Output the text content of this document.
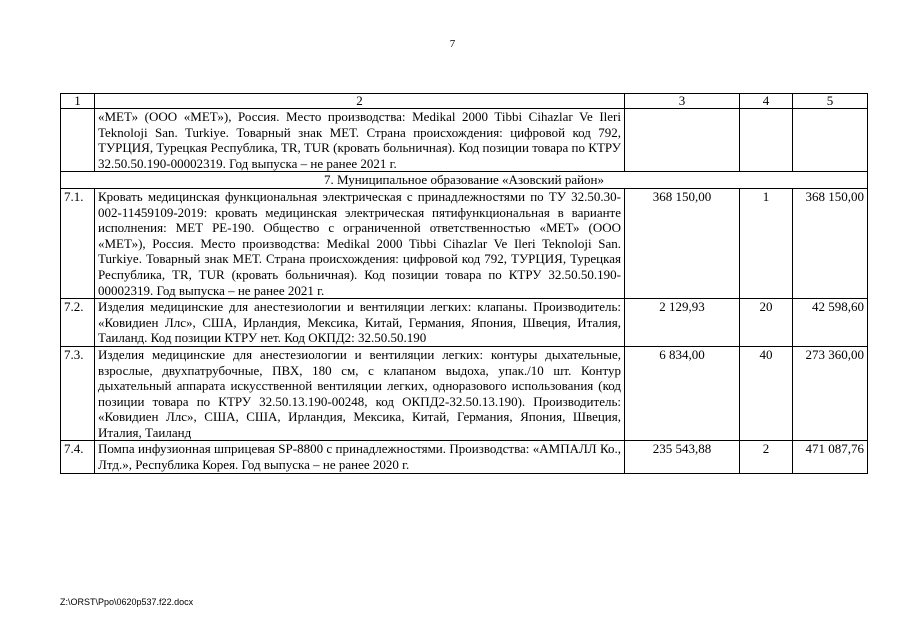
7
1	2	3	4	5
	«МЕТ» (ООО «МЕТ»), Россия. Место производства: Medikal 2000 Tibbi Cihazlar Ve Ileri Teknoloji San. Turkiye. Товарный знак МЕТ. Страна происхождения: цифровой код 792, ТУРЦИЯ, Турецкая Республика, TR, TUR (кровать больничная). Код позиции товара по КТРУ 32.50.50.190-00002319. Год выпуска – не ранее 2021 г.			
7. Муниципальное образование «Азовский район»				
7.1.	Кровать медицинская функциональная электрическая с принадлежностями по ТУ 32.50.30-002-11459109-2019: кровать медицинская электрическая пятифункциональная в варианте исполнения: МЕТ РЕ-190. Общество с ограниченной ответственностью «МЕТ» (ООО «МЕТ»), Россия. Место производства: Medikal 2000 Tibbi Cihazlar Ve Ileri Teknoloji San. Turkiye. Товарный знак МЕТ. Страна происхождения: цифровой код 792, ТУРЦИЯ, Турецкая Республика, TR, TUR (кровать больничная). Код позиции товара по КТРУ 32.50.50.190-00002319. Год выпуска – не ранее 2021 г.	368 150,00	1	368 150,00
7.2.	Изделия медицинские для анестезиологии и вентиляции легких: клапаны. Производитель: «Ковидиен Ллс», США, Ирландия, Мексика, Китай, Германия, Япония, Швеция, Италия, Таиланд. Код позиции КТРУ нет. Код ОКПД2: 32.50.50.190	2 129,93	20	42 598,60
7.3.	Изделия медицинские для анестезиологии и вентиляции легких: контуры дыхательные, взрослые, двухпатрубочные, ПВХ, 180 см, с клапаном выдоха, упак./10 шт. Контур дыхательный аппарата искусственной вентиляции легких, одноразового использования (код позиции товара по КТРУ 32.50.13.190-00248, код ОКПД2-32.50.13.190). Производитель: «Ковидиен Ллс», США, США, Ирландия, Мексика, Китай, Германия, Япония, Швеция, Италия, Таиланд	6 834,00	40	273 360,00
7.4.	Помпа инфузионная шприцевая SP-8800 с принадлежностями. Производства: «АМПАЛЛ Ко., Лтд.», Республика Корея. Год выпуска – не ранее 2020 г.	235 543,88	2	471 087,76
Z:\ORST\Ppo\0620p537.f22.docx
